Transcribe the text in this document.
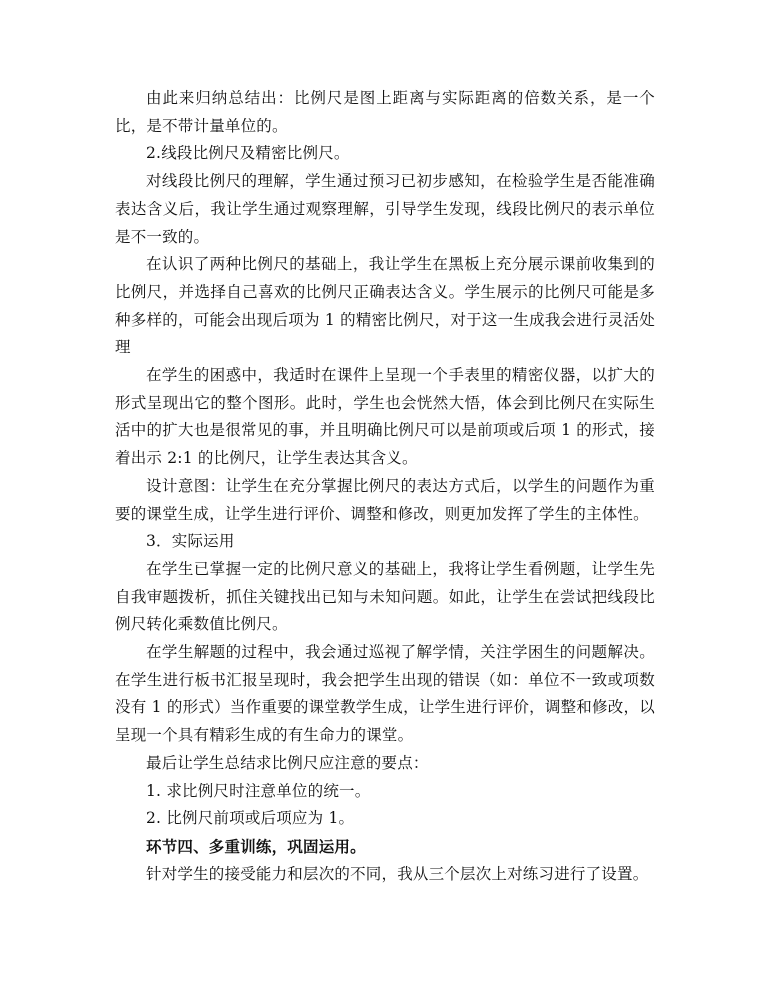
由此来归纳总结出：比例尺是图上距离与实际距离的倍数关系，是一个比，是不带计量单位的。

2.线段比例尺及精密比例尺。

对线段比例尺的理解，学生通过预习已初步感知，在检验学生是否能准确表达含义后，我让学生通过观察理解，引导学生发现，线段比例尺的表示单位是不一致的。

在认识了两种比例尺的基础上，我让学生在黑板上充分展示课前收集到的比例尺，并选择自己喜欢的比例尺正确表达含义。学生展示的比例尺可能是多种多样的，可能会出现后项为 1 的精密比例尺，对于这一生成我会进行灵活处理

在学生的困惑中，我适时在课件上呈现一个手表里的精密仪器，以扩大的形式呈现出它的整个图形。此时，学生也会恍然大悟，体会到比例尺在实际生活中的扩大也是很常见的事，并且明确比例尺可以是前项或后项 1 的形式，接着出示 2:1 的比例尺，让学生表达其含义。

设计意图：让学生在充分掌握比例尺的表达方式后，以学生的问题作为重要的课堂生成，让学生进行评价、调整和修改，则更加发挥了学生的主体性。

3．实际运用

在学生已掌握一定的比例尺意义的基础上，我将让学生看例题，让学生先自我审题拨析，抓住关键找出已知与未知问题。如此，让学生在尝试把线段比例尺转化乘数值比例尺。

在学生解题的过程中，我会通过巡视了解学情，关注学困生的问题解决。在学生进行板书汇报呈现时，我会把学生出现的错误（如：单位不一致或项数没有 1 的形式）当作重要的课堂教学生成，让学生进行评价，调整和修改，以呈现一个具有精彩生成的有生命力的课堂。

最后让学生总结求比例尺应注意的要点：

1. 求比例尺时注意单位的统一。

2. 比例尺前项或后项应为 1。

环节四、多重训练，巩固运用。

针对学生的接受能力和层次的不同，我从三个层次上对练习进行了设置。
